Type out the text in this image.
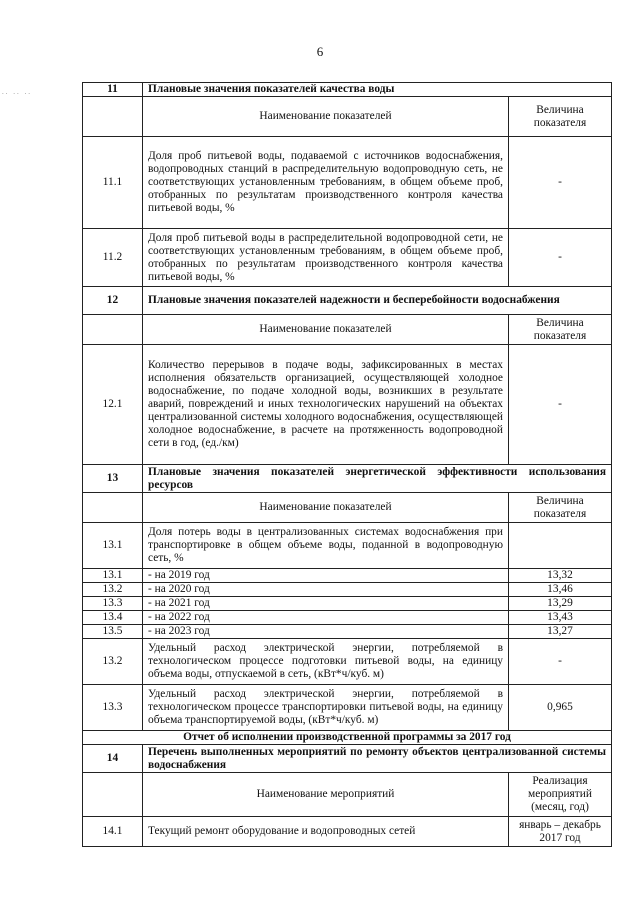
6
.. .. ..	11	Плановые значения показателей качества воды	
	Наименование показателей	Величина показателя
11.1	Доля проб питьевой воды, подаваемой с источников водоснабжения, водопроводных станций в распределительную водопроводную сеть, не соответствующих установленным требованиям, в общем объеме проб, отобранных по результатам производственного контроля качества питьевой воды, %	-
11.2	Доля проб питьевой воды в распределительной водопроводной сети, не соответствующих установленным требованиям, в общем объеме проб, отобранных по результатам производственного контроля качества питьевой воды, %	-
12	Плановые значения показателей надежности и бесперебойности водоснабжения	
	Наименование показателей	Величина показателя
12.1	Количество перерывов в подаче воды, зафиксированных в местах исполнения обязательств организацией, осуществляющей холодное водоснабжение, по подаче холодной воды, возникших в результате аварий, повреждений и иных технологических нарушений на объектах централизованной системы холодного водоснабжения, осуществляющей холодное водоснабжение, в расчете на протяженность водопроводной сети в год, (ед./км)	-
13	Плановые значения показателей энергетической эффективности использования ресурсов	
	Наименование показателей	Величина показателя
13.1	Доля потерь воды в централизованных системах водоснабжения при транспортировке в общем объеме воды, поданной в водопроводную сеть, %	
13.1	- на 2019 год	13,32
13.2	- на 2020 год	13,46
13.3	- на 2021 год	13,29
13.4	- на 2022 год	13,43
13.5	- на 2023 год	13,27
13.2	Удельный расход электрической энергии, потребляемой в технологическом процессе подготовки питьевой воды, на единицу объема воды, отпускаемой в сеть, (кВт*ч/куб. м)	-
13.3	Удельный расход электрической энергии, потребляемой в технологическом процессе транспортировки питьевой воды, на единицу объема транспортируемой воды, (кВт*ч/куб. м)	0,965
Отчет об исполнении производственной программы за 2017 год		
14	Перечень выполненных мероприятий по ремонту объектов централизованной системы водоснабжения	
	Наименование мероприятий	Реализация мероприятий (месяц, год)
14.1	Текущий ремонт оборудование и водопроводных сетей	январь – декабрь 2017 год
